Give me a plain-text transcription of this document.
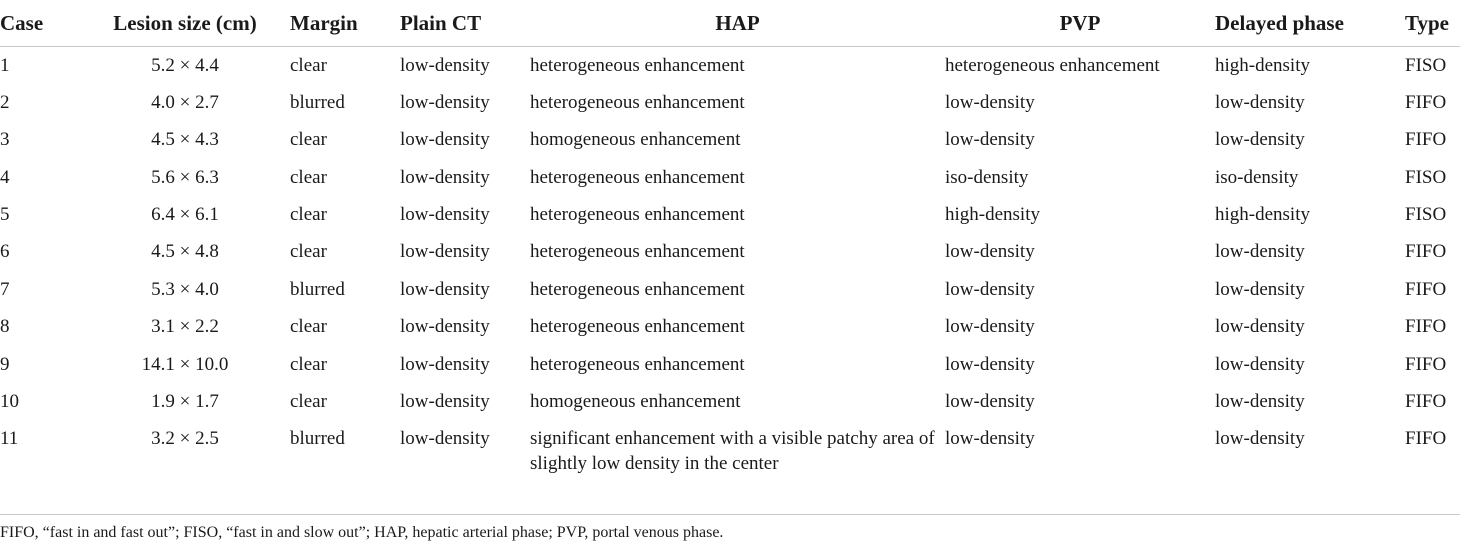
Case	Lesion size (cm)	Margin	Plain CT	HAP	PVP	Delayed phase	Type
1	5.2 × 4.4	clear	low-density	heterogeneous enhancement	heterogeneous enhancement	high-density	FISO
2	4.0 × 2.7	blurred	low-density	heterogeneous enhancement	low-density	low-density	FIFO
3	4.5 × 4.3	clear	low-density	homogeneous enhancement	low-density	low-density	FIFO
4	5.6 × 6.3	clear	low-density	heterogeneous enhancement	iso-density	iso-density	FISO
5	6.4 × 6.1	clear	low-density	heterogeneous enhancement	high-density	high-density	FISO
6	4.5 × 4.8	clear	low-density	heterogeneous enhancement	low-density	low-density	FIFO
7	5.3 × 4.0	blurred	low-density	heterogeneous enhancement	low-density	low-density	FIFO
8	3.1 × 2.2	clear	low-density	heterogeneous enhancement	low-density	low-density	FIFO
9	14.1 × 10.0	clear	low-density	heterogeneous enhancement	low-density	low-density	FIFO
10	1.9 × 1.7	clear	low-density	homogeneous enhancement	low-density	low-density	FIFO
11	3.2 × 2.5	blurred	low-density	significant enhancement with a visible patchy area of slightly low density in the center	low-density	low-density	FIFO
FIFO, “fast in and fast out”; FISO, “fast in and slow out”; HAP, hepatic arterial phase; PVP, portal venous phase.
